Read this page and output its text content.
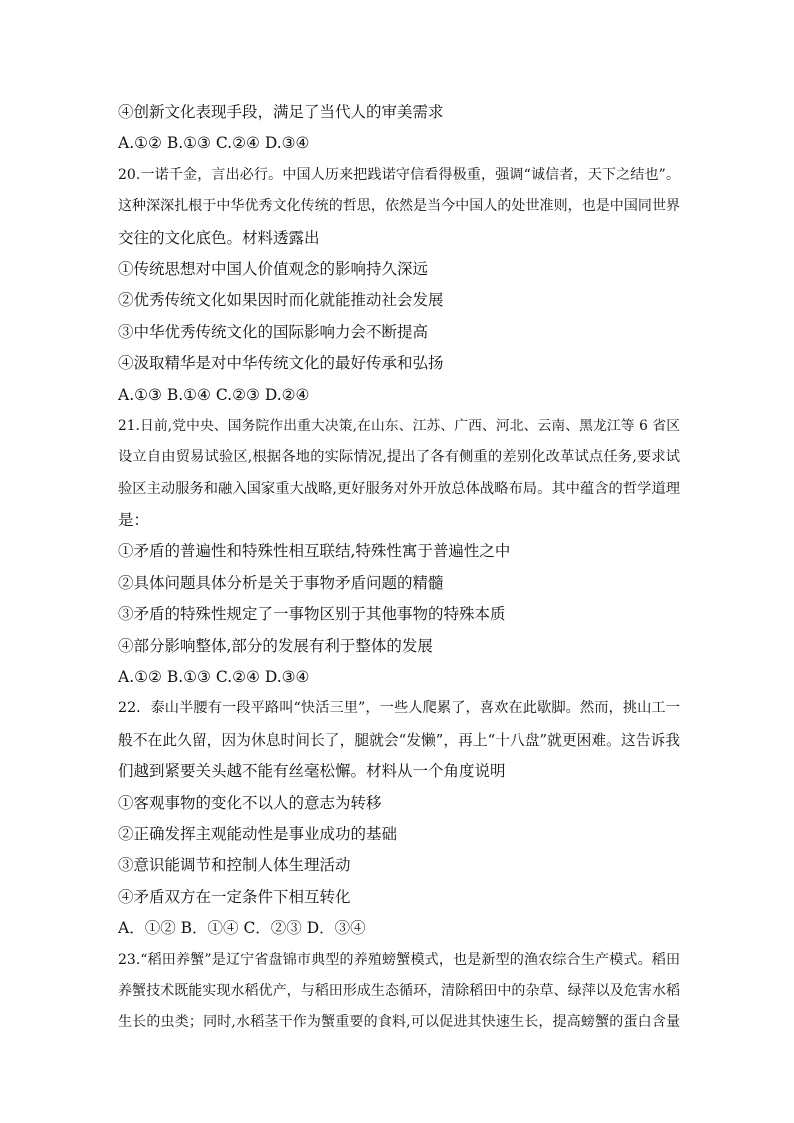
④创新文化表现手段，满足了当代人的审美需求
A.①② B.①③ C.②④ D.③④
20.一诺千金，言出必行。中国人历来把践诺守信看得极重，强调“诚信者，天下之结也”。
这种深深扎根于中华优秀文化传统的哲思，依然是当今中国人的处世准则，也是中国同世界
交往的文化底色。材料透露出
①传统思想对中国人价值观念的影响持久深远
②优秀传统文化如果因时而化就能推动社会发展
③中华优秀传统文化的国际影响力会不断提高
④汲取精华是对中华传统文化的最好传承和弘扬
A.①③ B.①④ C.②③ D.②④
21.日前,党中央、国务院作出重大决策,在山东、江苏、广西、河北、云南、黑龙江等 6 省区
设立自由贸易试验区,根据各地的实际情况,提出了各有侧重的差别化改革试点任务,要求试
验区主动服务和融入国家重大战略,更好服务对外开放总体战略布局。其中蕴含的哲学道理
是：
①矛盾的普遍性和特殊性相互联结,特殊性寓于普遍性之中
②具体问题具体分析是关于事物矛盾问题的精髓
③矛盾的特殊性规定了一事物区别于其他事物的特殊本质
④部分影响整体,部分的发展有利于整体的发展
A.①② B.①③ C.②④ D.③④
22．泰山半腰有一段平路叫“快活三里”，一些人爬累了，喜欢在此歇脚。然而，挑山工一
般不在此久留，因为休息时间长了，腿就会“发懒”，再上“十八盘”就更困难。这告诉我
们越到紧要关头越不能有丝毫松懈。材料从一个角度说明
①客观事物的变化不以人的意志为转移
②正确发挥主观能动性是事业成功的基础
③意识能调节和控制人体生理活动
④矛盾双方在一定条件下相互转化
A．①② B．①④ C．②③ D．③④
23.“稻田养蟹”是辽宁省盘锦市典型的养殖螃蟹模式，也是新型的渔农综合生产模式。稻田
养蟹技术既能实现水稻优产，与稻田形成生态循环，清除稻田中的杂草、绿萍以及危害水稻
生长的虫类；同时,水稻茎干作为蟹重要的食料,可以促进其快速生长，提高螃蟹的蛋白含量
